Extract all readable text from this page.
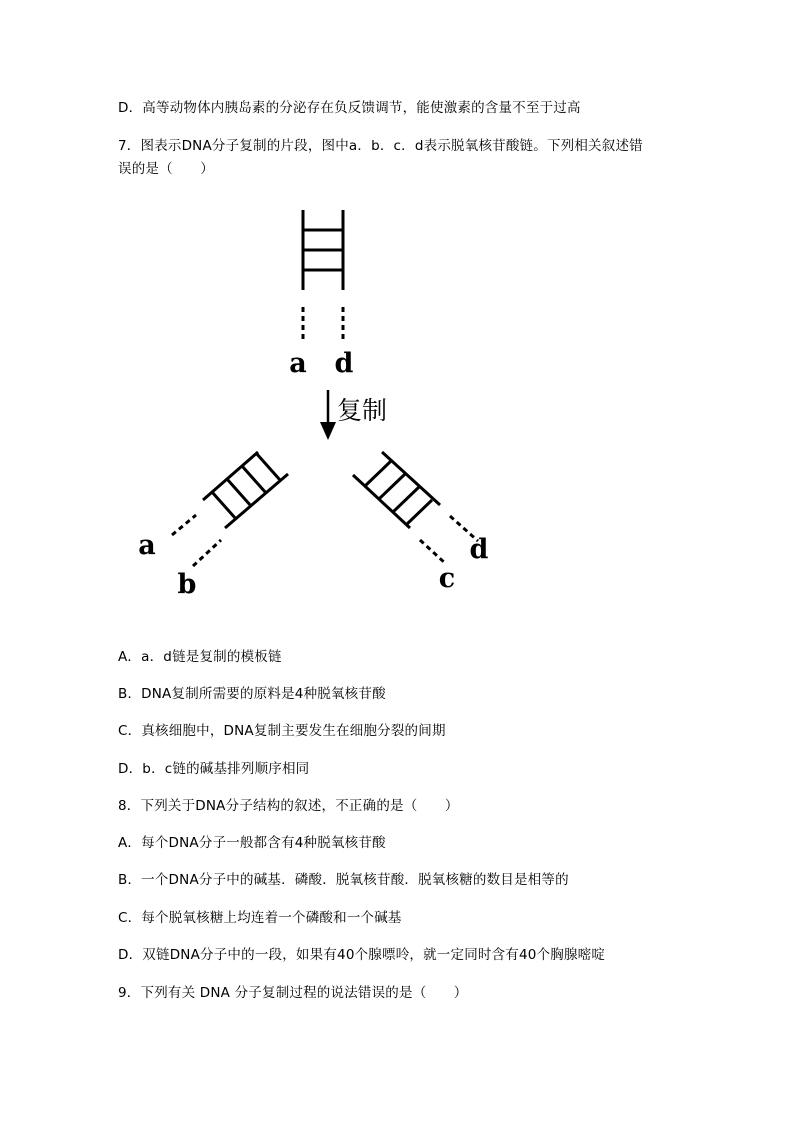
D．高等动物体内胰岛素的分泌存在负反馈调节，能使激素的含量不至于过高
7．图表示DNA分子复制的片段，图中a．b．c．d表示脱氧核苷酸链。下列相关叙述错
误的是（　　）
A．a．d链是复制的模板链
B．DNA复制所需要的原料是4种脱氧核苷酸
C．真核细胞中，DNA复制主要发生在细胞分裂的间期
D．b．c链的碱基排列顺序相同
8．下列关于DNA分子结构的叙述，不正确的是（　　）
A．每个DNA分子一般都含有4种脱氧核苷酸
B．一个DNA分子中的碱基．磷酸．脱氧核苷酸．脱氧核糖的数目是相等的
C．每个脱氧核糖上均连着一个磷酸和一个碱基
D．双链DNA分子中的一段，如果有40个腺嘌呤，就一定同时含有40个胸腺嘧啶
9．下列有关 DNA 分子复制过程的说法错误的是（　　）
a d
复制
a
b	c
d
